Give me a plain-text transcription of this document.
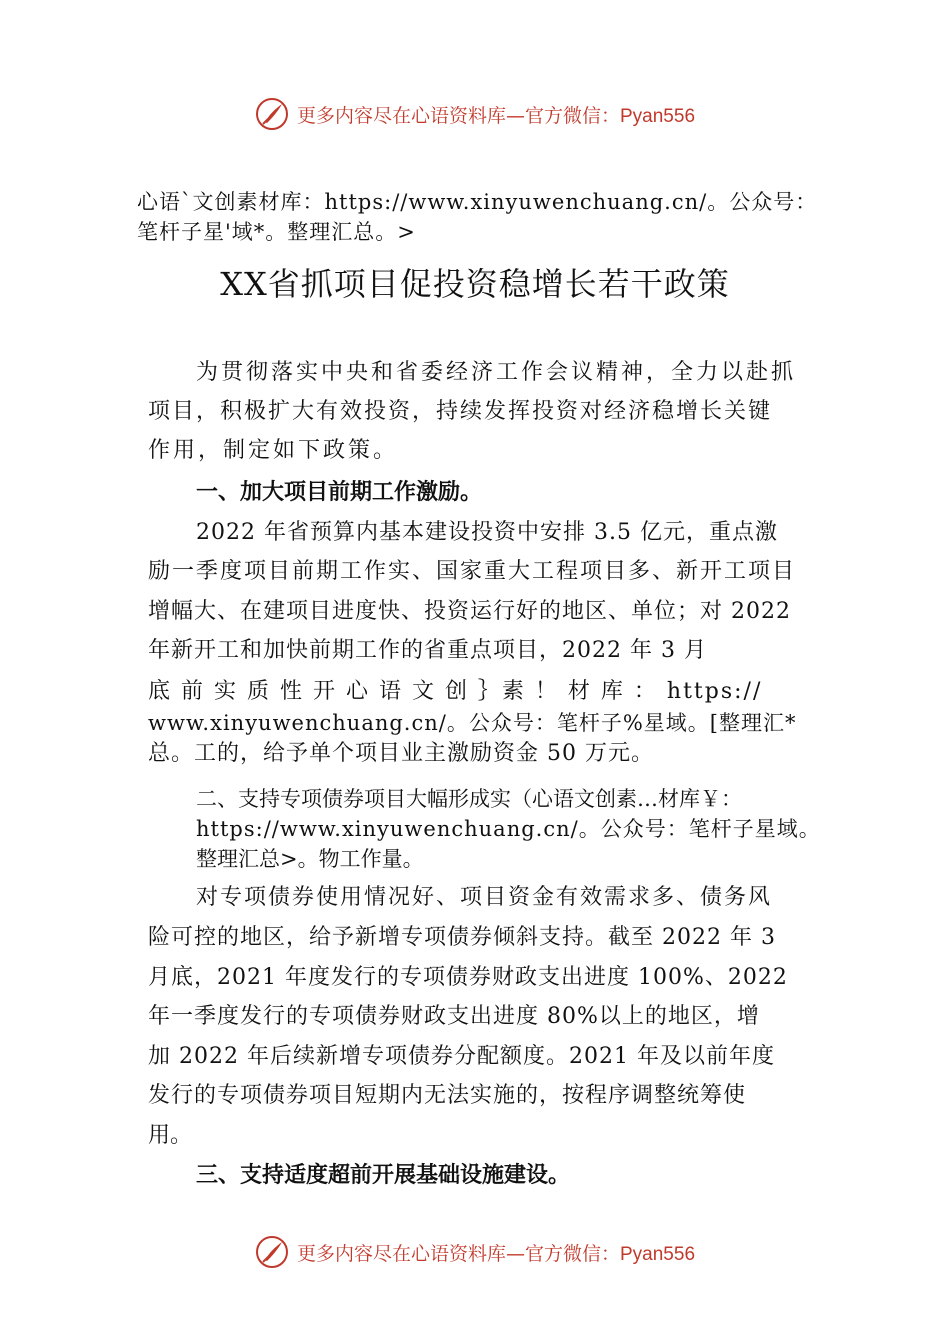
更多内容尽在心语资料库—官方微信：Pyan556
心语`文创素材库：https://www.xinyuwenchuang.cn/。公众号：
笔杆子星'域*。整理汇总。>
XX省抓项目促投资稳增长若干政策
为贯彻落实中央和省委经济工作会议精神，全力以赴抓
项目，积极扩大有效投资，持续发挥投资对经济稳增长关键
作用，制定如下政策。
一、加大项目前期工作激励。
2022 年省预算内基本建设投资中安排 3.5 亿元，重点激
励一季度项目前期工作实、国家重大工程项目多、新开工项目
增幅大、在建项目进度快、投资运行好的地区、单位；对 2022
年新开工和加快前期工作的省重点项目，2022 年 3 月
底 前 实 质 性 开 心 语 文 创 ｝素 ！ 材 库 ： https://
www.xinyuwenchuang.cn/。公众号：笔杆子%星域。[整理汇*
总。工的，给予单个项目业主激励资金 50 万元。
二、支持专项债券项目大幅形成实（心语文创素…材库￥：
https://www.xinyuwenchuang.cn/。公众号：笔杆子星域。
整理汇总>。物工作量。
对专项债券使用情况好、项目资金有效需求多、债务风
险可控的地区，给予新增专项债券倾斜支持。截至 2022 年 3
月底，2021 年度发行的专项债券财政支出进度 100%、2022
年一季度发行的专项债券财政支出进度 80%以上的地区，增
加 2022 年后续新增专项债券分配额度。2021 年及以前年度
发行的专项债券项目短期内无法实施的，按程序调整统筹使
用。
三、支持适度超前开展基础设施建设。
更多内容尽在心语资料库—官方微信：Pyan556
